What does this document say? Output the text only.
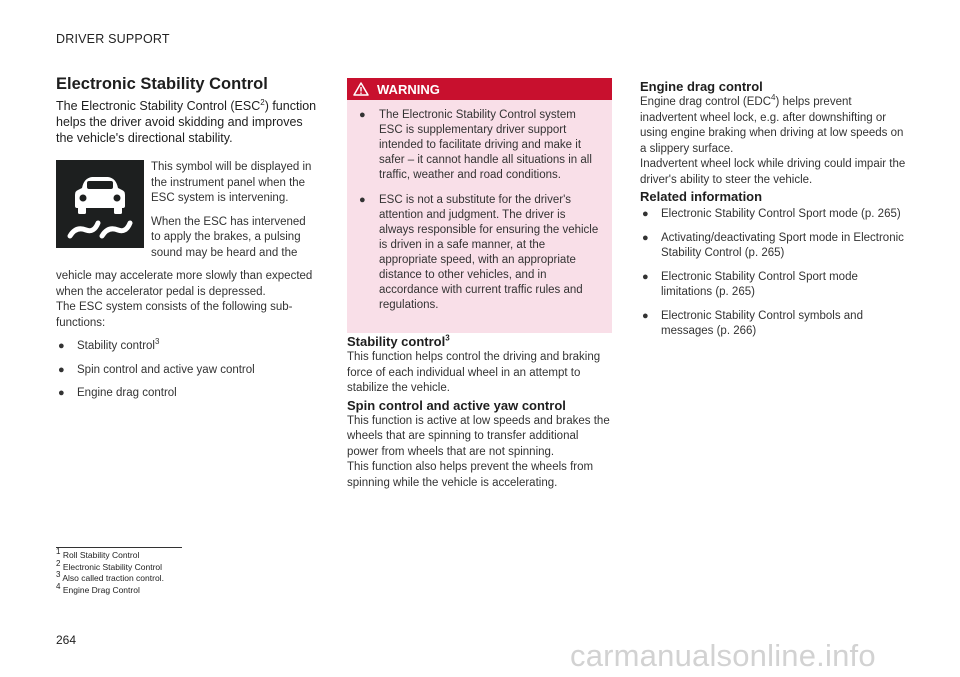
DRIVER SUPPORT
Electronic Stability Control

The Electronic Stability Control (ESC$^2$) function helps the driver avoid skidding and improves the vehicle's directional stability.

This symbol will be displayed in the instrument panel when the ESC system is intervening.

When the ESC has intervened to apply the brakes, a pulsing sound may be heard and the

vehicle may accelerate more slowly than expected when the accelerator pedal is depressed.

The ESC system consists of the following sub-functions:

● Stability control$^3$
● Spin control and active yaw control
● Engine drag control
WARNING
● The Electronic Stability Control system ESC is supplementary driver support intended to facilitate driving and make it safer – it cannot handle all situations in all traffic, weather and road conditions.
● ESC is not a substitute for the driver's attention and judgment. The driver is always responsible for ensuring the vehicle is driven in a safe manner, at the appropriate speed, with an appropriate distance to other vehicles, and in accordance with current traffic rules and regulations.
Stability control$^3$

This function helps control the driving and braking force of each individual wheel in an attempt to stabilize the vehicle.

Spin control and active yaw control

This function is active at low speeds and brakes the wheels that are spinning to transfer additional power from wheels that are not spinning.

This function also helps prevent the wheels from spinning while the vehicle is accelerating.

Engine drag control

Engine drag control (EDC$^4$) helps prevent inadvertent wheel lock, e.g. after downshifting or using engine braking when driving at low speeds on a slippery surface.

Inadvertent wheel lock while driving could impair the driver's ability to steer the vehicle.

Related information
● Electronic Stability Control Sport mode (p. 265)
● Activating/deactivating Sport mode in Electronic Stability Control (p. 265)
● Electronic Stability Control Sport mode limitations (p. 265)
● Electronic Stability Control symbols and messages (p. 266)
$^1$ Roll Stability Control
$^2$ Electronic Stability Control
$^3$ Also called traction control.
$^4$ Engine Drag Control
264	carmanualsonline.info
